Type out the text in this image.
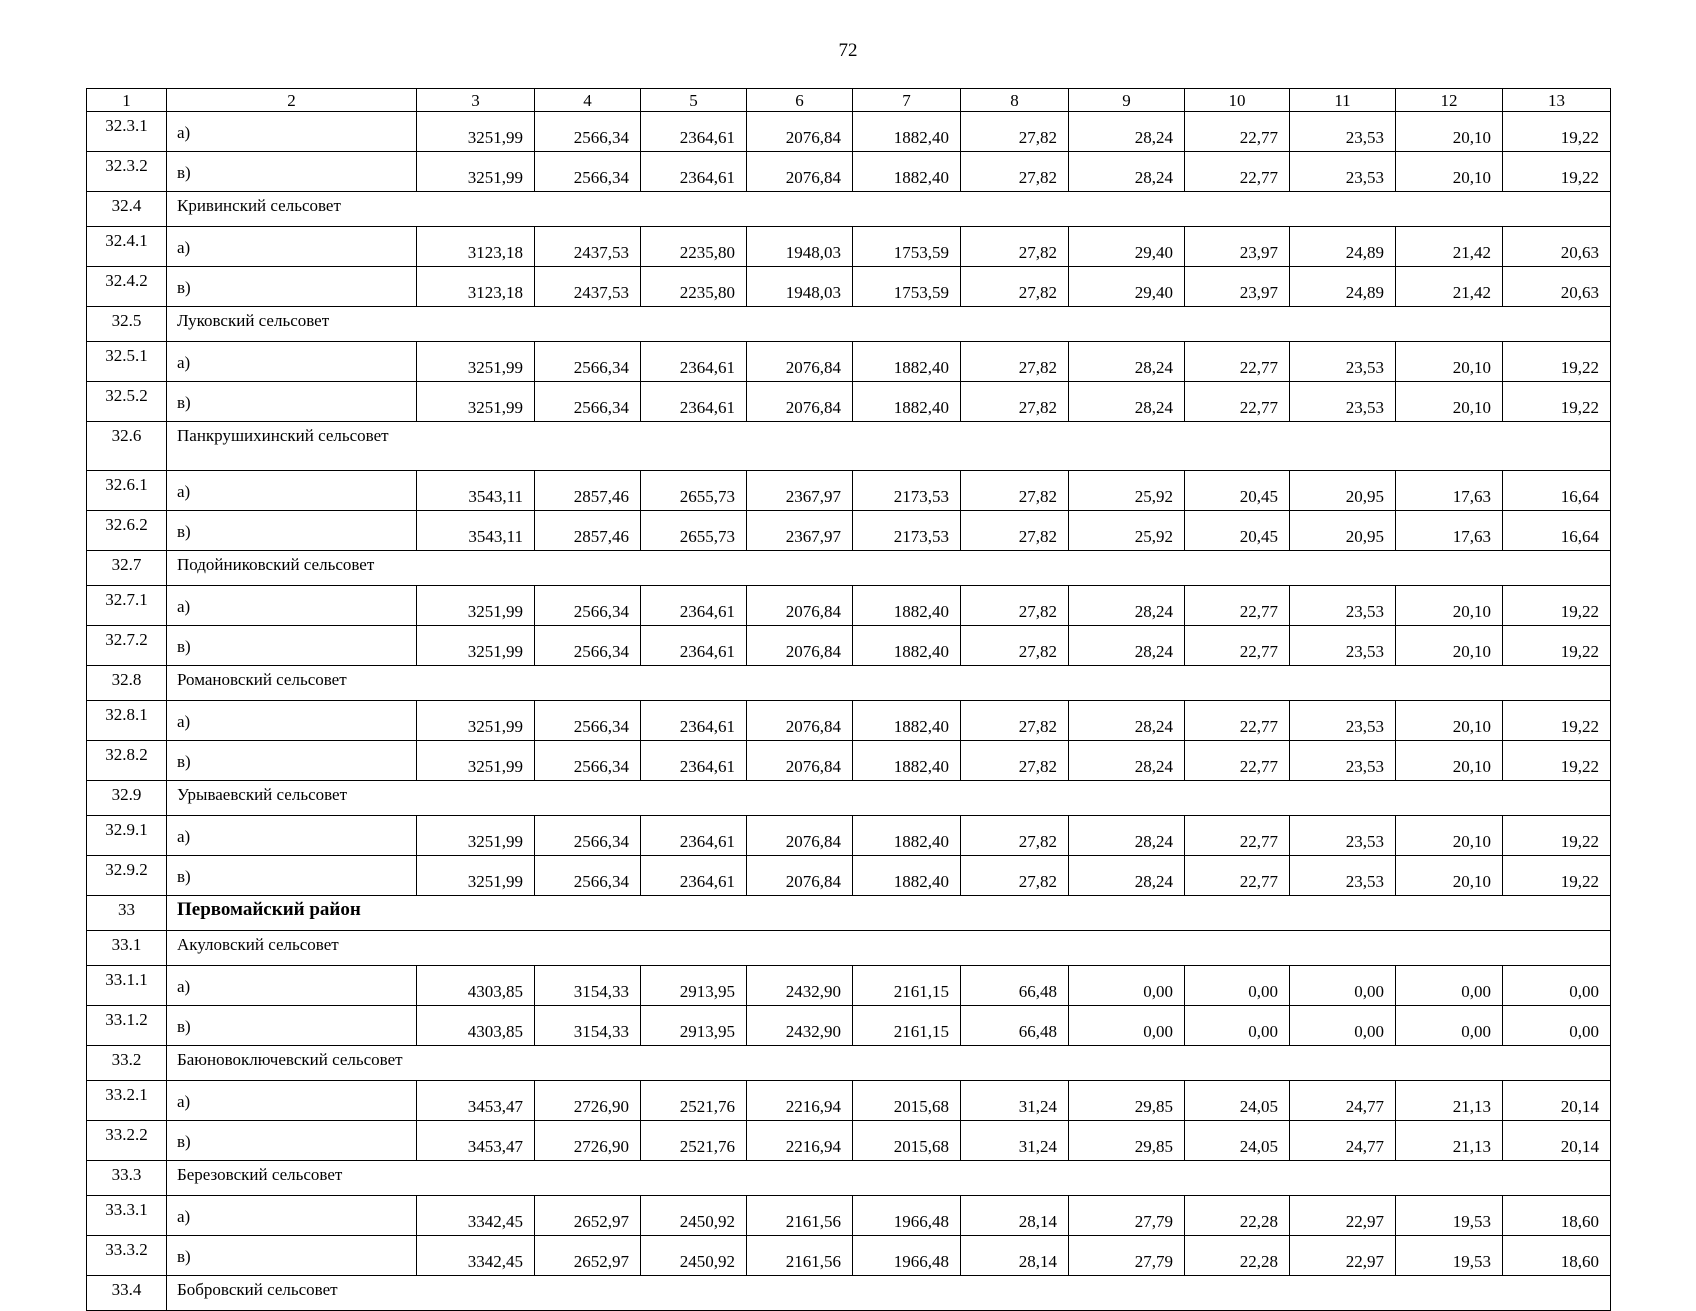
72
1	2	3	4	5	6	7	8	9	10	11	12	13
32.3.1	а)	3251,99	2566,34	2364,61	2076,84	1882,40	27,82	28,24	22,77	23,53	20,10	19,22
32.3.2	в)	3251,99	2566,34	2364,61	2076,84	1882,40	27,82	28,24	22,77	23,53	20,10	19,22
32.4	Кривинский сельсовет											
32.4.1	а)	3123,18	2437,53	2235,80	1948,03	1753,59	27,82	29,40	23,97	24,89	21,42	20,63
32.4.2	в)	3123,18	2437,53	2235,80	1948,03	1753,59	27,82	29,40	23,97	24,89	21,42	20,63
32.5	Луковский сельсовет											
32.5.1	а)	3251,99	2566,34	2364,61	2076,84	1882,40	27,82	28,24	22,77	23,53	20,10	19,22
32.5.2	в)	3251,99	2566,34	2364,61	2076,84	1882,40	27,82	28,24	22,77	23,53	20,10	19,22
32.6	Панкрушихинский сельсовет											
32.6.1	а)	3543,11	2857,46	2655,73	2367,97	2173,53	27,82	25,92	20,45	20,95	17,63	16,64
32.6.2	в)	3543,11	2857,46	2655,73	2367,97	2173,53	27,82	25,92	20,45	20,95	17,63	16,64
32.7	Подойниковский сельсовет											
32.7.1	а)	3251,99	2566,34	2364,61	2076,84	1882,40	27,82	28,24	22,77	23,53	20,10	19,22
32.7.2	в)	3251,99	2566,34	2364,61	2076,84	1882,40	27,82	28,24	22,77	23,53	20,10	19,22
32.8	Романовский сельсовет											
32.8.1	а)	3251,99	2566,34	2364,61	2076,84	1882,40	27,82	28,24	22,77	23,53	20,10	19,22
32.8.2	в)	3251,99	2566,34	2364,61	2076,84	1882,40	27,82	28,24	22,77	23,53	20,10	19,22
32.9	Урываевский сельсовет											
32.9.1	а)	3251,99	2566,34	2364,61	2076,84	1882,40	27,82	28,24	22,77	23,53	20,10	19,22
32.9.2	в)	3251,99	2566,34	2364,61	2076,84	1882,40	27,82	28,24	22,77	23,53	20,10	19,22
33	Первомайский район											
33.1	Акуловский сельсовет											
33.1.1	а)	4303,85	3154,33	2913,95	2432,90	2161,15	66,48	0,00	0,00	0,00	0,00	0,00
33.1.2	в)	4303,85	3154,33	2913,95	2432,90	2161,15	66,48	0,00	0,00	0,00	0,00	0,00
33.2	Баюновоключевский сельсовет											
33.2.1	а)	3453,47	2726,90	2521,76	2216,94	2015,68	31,24	29,85	24,05	24,77	21,13	20,14
33.2.2	в)	3453,47	2726,90	2521,76	2216,94	2015,68	31,24	29,85	24,05	24,77	21,13	20,14
33.3	Березовский сельсовет											
33.3.1	а)	3342,45	2652,97	2450,92	2161,56	1966,48	28,14	27,79	22,28	22,97	19,53	18,60
33.3.2	в)	3342,45	2652,97	2450,92	2161,56	1966,48	28,14	27,79	22,28	22,97	19,53	18,60
33.4	Бобровский сельсовет											
